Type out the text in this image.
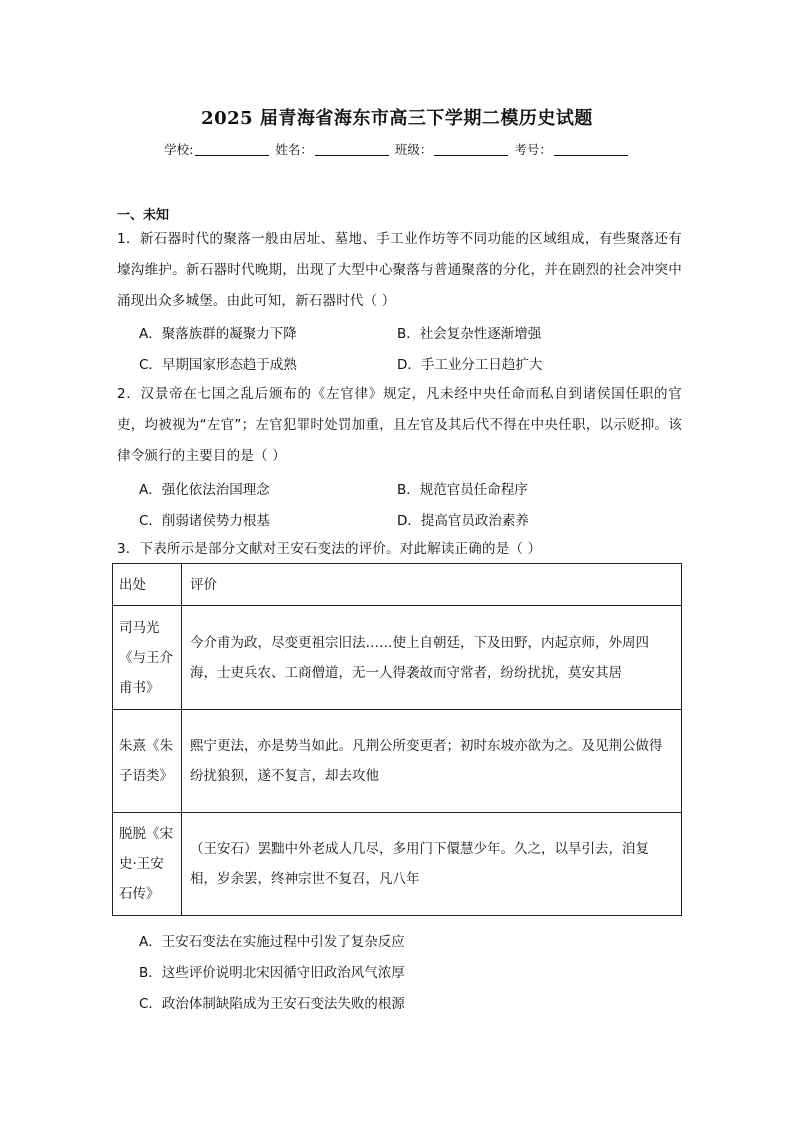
2025 届青海省海东市高三下学期二模历史试题
学校:	姓名：	班级：	考号：
一、未知
1．新石器时代的聚落一般由居址、墓地、手工业作坊等不同功能的区域组成，有些聚落还有壕沟维护。新石器时代晚期，出现了大型中心聚落与普通聚落的分化，并在剧烈的社会冲突中涌现出众多城堡。由此可知，新石器时代（ ）
A．聚落族群的凝聚力下降	B．社会复杂性逐渐增强
C．早期国家形态趋于成熟	D．手工业分工日趋扩大
2．汉景帝在七国之乱后颁布的《左官律》规定，凡未经中央任命而私自到诸侯国任职的官吏，均被视为“左官”；左官犯罪时处罚加重，且左官及其后代不得在中央任职，以示贬抑。该律令颁行的主要目的是（ ）
A．强化依法治国理念	B．规范官员任命程序
C．削弱诸侯势力根基	D．提高官员政治素养
3．下表所示是部分文献对王安石变法的评价。对此解读正确的是（ ）
出处	评价
司马光《与王介甫书》	今介甫为政，尽变更祖宗旧法……使上自朝廷，下及田野，内起京师，外周四海，士吏兵农、工商僧道，无一人得袭故而守常者，纷纷扰扰，莫安其居
朱熹《朱子语类》	熙宁更法，亦是势当如此。凡荆公所变更者；初时东坡亦欲为之。及见荆公做得纷扰狼狈，遂不复言，却去攻他
脱脱《宋史·王安石传》	（王安石）罢黜中外老成人几尽，多用门下儇慧少年。久之，以旱引去，洎复相，岁余罢，终神宗世不复召，凡八年
A．王安石变法在实施过程中引发了复杂反应
B．这些评价说明北宋因循守旧政治风气浓厚
C．政治体制缺陷成为王安石变法失败的根源
